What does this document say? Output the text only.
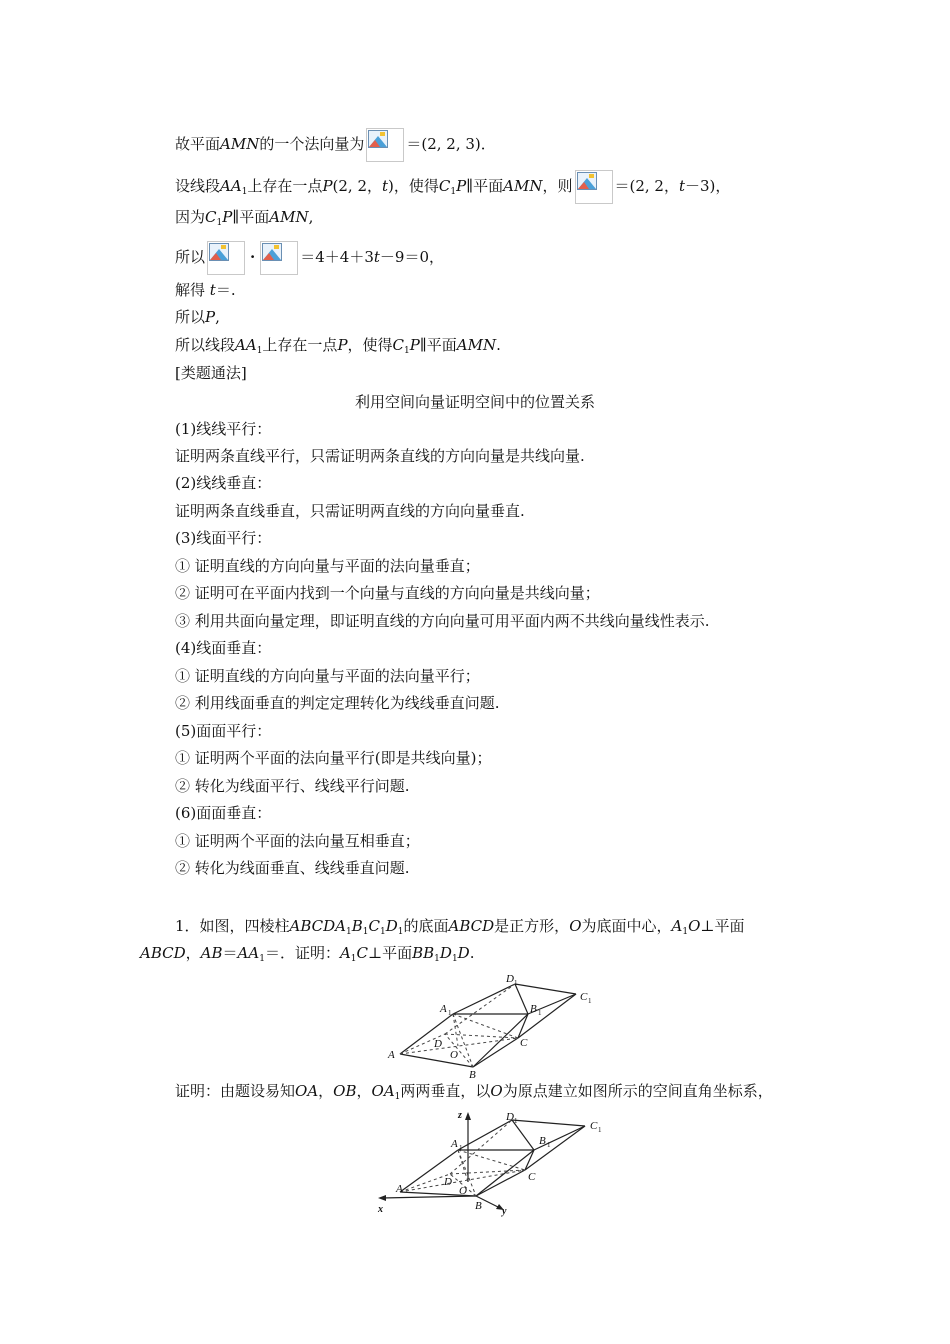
故平面AMN的一个法向量为	＝(2, 2, 3)．
设线段$AA_1$上存在一点P(2, 2，t)，使得$C_1P\parallel$平面AMN，则	＝(2, 2，t－3)，
因为$C_1P\parallel$平面AMN,
所以	·	＝4＋4＋3t－9＝0，
解得 t＝.
所以P,
所以线段$AA_1$上存在一点P，使得$C_1P\parallel$平面AMN.
[类题通法]
利用空间向量证明空间中的位置关系
(1)线线平行：
证明两条直线平行，只需证明两条直线的方向向量是共线向量.
(2)线线垂直：
证明两条直线垂直，只需证明两直线的方向向量垂直.
(3)线面平行：
① 证明直线的方向向量与平面的法向量垂直；
② 证明可在平面内找到一个向量与直线的方向向量是共线向量；
③ 利用共面向量定理，即证明直线的方向向量可用平面内两不共线向量线性表示.
(4)线面垂直：
① 证明直线的方向向量与平面的法向量平行；
② 利用线面垂直的判定定理转化为线线垂直问题.
(5)面面平行：
① 证明两个平面的法向量平行(即是共线向量)；
② 转化为线面平行、线线平行问题.
(6)面面垂直：
① 证明两个平面的法向量互相垂直；
② 转化为线面垂直、线线垂直问题.
1．如图，四棱柱$ABCDA_1B_1C_1D_1$的底面ABCD是正方形，O为底面中心，$A_1O\perp$平面
ABCD，$AB=AA_1=$．证明：$A_1C\perp$平面$BB_1D_1D$.
A
B
C
D
O
A 1	B 1
C 1
D 1
证明：由题设易知OA，OB，$OA_1$两两垂直，以O为原点建立如图所示的空间直角坐标系，
z
x	y
A
B
C
D
O
A 1
B 1
C 1
D 1
